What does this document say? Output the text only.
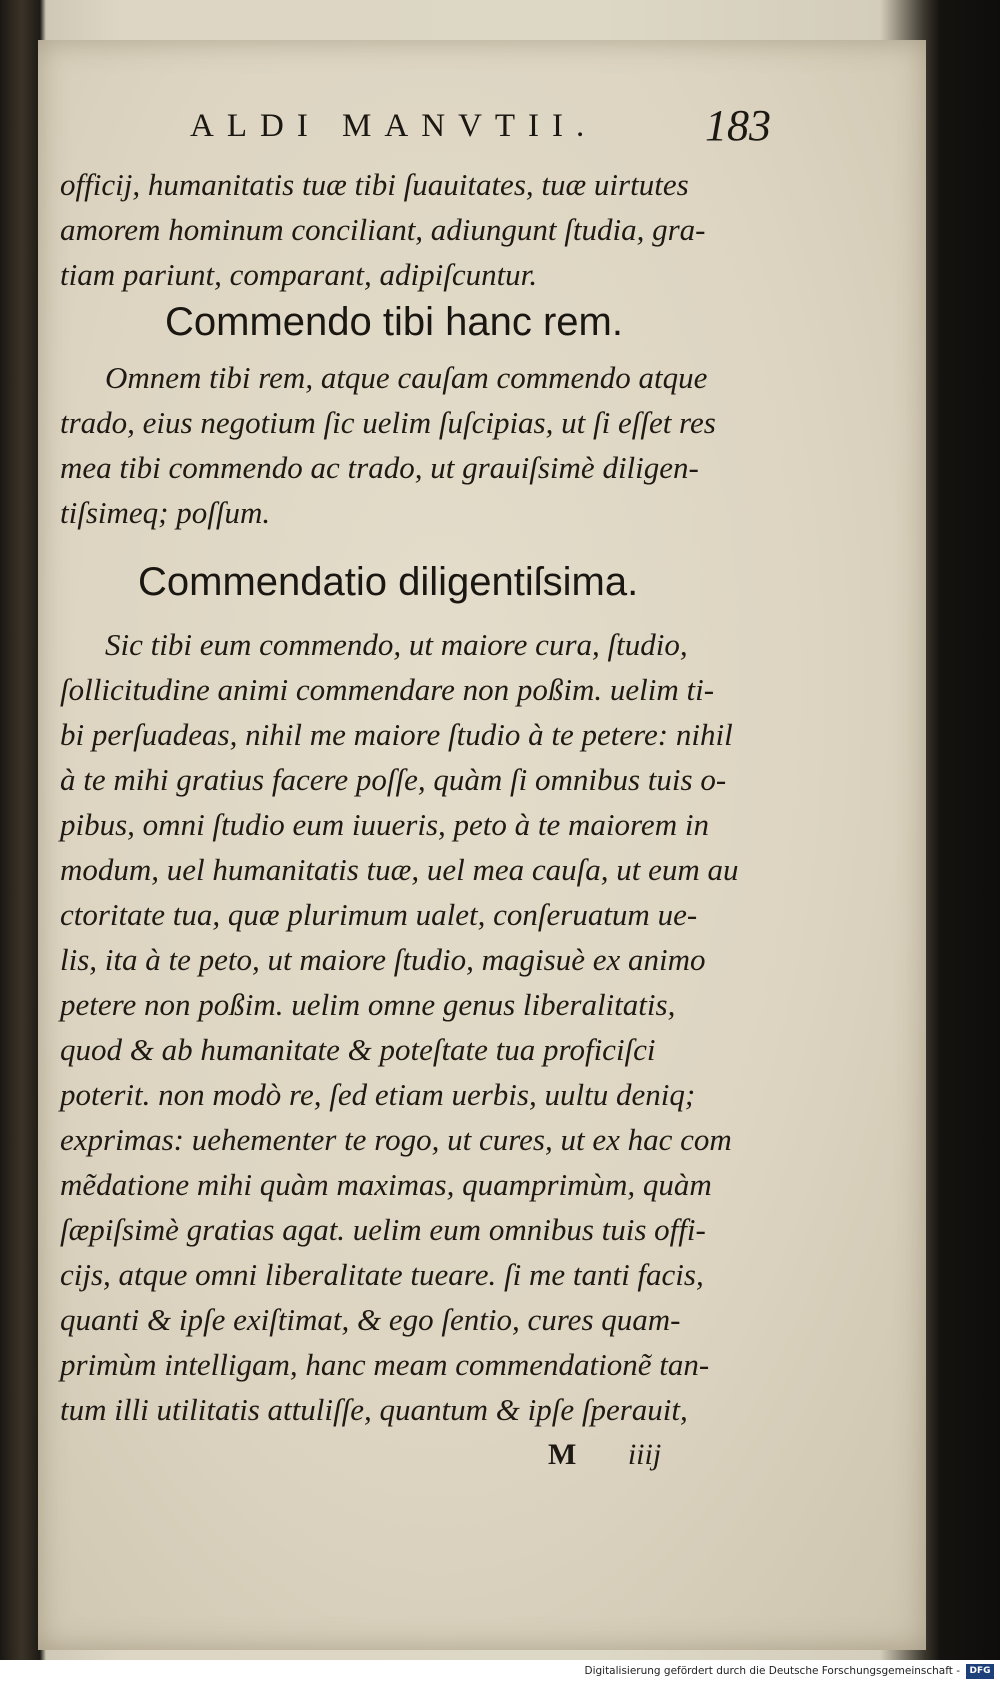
ALDI MANVTII. 183
officij, humanitatis tuæ tibi ſuauitates, tuæ uirtutes
amorem hominum conciliant, adiungunt ſtudia, gra-
tiam pariunt, comparant, adipiſcuntur.
Commendo tibi hanc rem.
Omnem tibi rem, atque cauſam commendo atque
trado, eius negotium ſic uelim ſuſcipias, ut ſi eſſet res
mea tibi commendo ac trado, ut grauiſsimè diligen-
tiſsimeq; poſſum.
Commendatio diligentiſsima.
Sic tibi eum commendo, ut maiore cura, ſtudio,
ſollicitudine animi commendare non poßim. uelim ti-
bi perſuadeas, nihil me maiore ſtudio à te petere: nihil
à te mihi gratius facere poſſe, quàm ſi omnibus tuis o-
pibus, omni ſtudio eum iuueris, peto à te maiorem in
modum, uel humanitatis tuæ, uel mea cauſa, ut eum au
ctoritate tua, quæ plurimum ualet, conſeruatum ue-
lis, ita à te peto, ut maiore ſtudio, magisuè ex animo
petere non poßim. uelim omne genus liberalitatis,
quod & ab humanitate & poteſtate tua proficiſci
poterit. non modò re, ſed etiam uerbis, uultu deniq;
exprimas: uehementer te rogo, ut cures, ut ex hac com
mẽdatione mihi quàm maximas, quamprimùm, quàm
ſæpiſsimè gratias agat. uelim eum omnibus tuis offi-
cijs, atque omni liberalitate tueare. ſi me tanti facis,
quanti & ipſe exiſtimat, & ego ſentio, cures quam-
primùm intelligam, hanc meam commendationẽ tan-
tum illi utilitatis attuliſſe, quantum & ipſe ſperauit,
M iiij
Digitalisierung gefördert durch die Deutsche Forschungsgemeinschaft -	DFG
